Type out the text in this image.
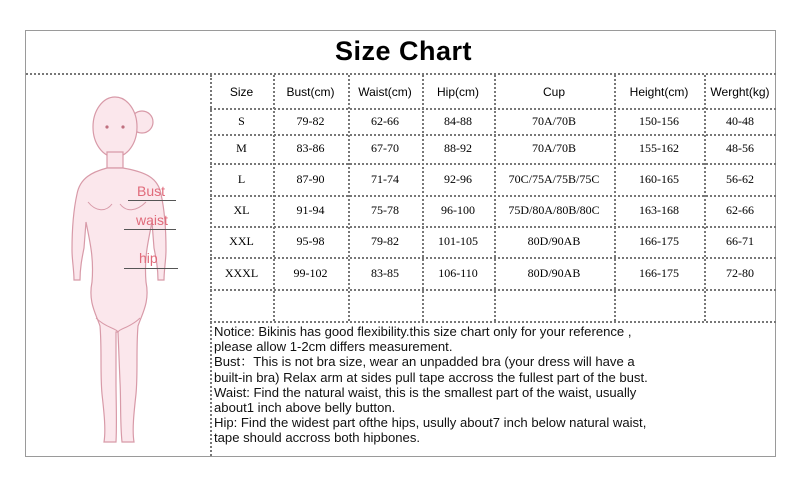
Size Chart
Bust
waist
hip
Size	Bust(cm)	Waist(cm)	Hip(cm)	Cup	Height(cm)	Werght(kg)
S	79-82	62-66	84-88	70A/70B	150-156	40-48
M	83-86	67-70	88-92	70A/70B	155-162	48-56
L	87-90	71-74	92-96	70C/75A/75B/75C	160-165	56-62
XL	91-94	75-78	96-100	75D/80A/80B/80C	163-168	62-66
XXL	95-98	79-82	101-105	80D/90AB	166-175	66-71
XXXL	99-102	83-85	106-110	80D/90AB	166-175	72-80
Notice: Bikinis has good flexibility.this size chart only for your reference ,
please allow 1-2cm differs measurement.
Bust：This is not bra size, wear an unpadded bra (your dress will have a
built-in bra) Relax arm at sides pull tape accross the fullest part of the bust.
Waist: Find the natural waist, this is the smallest part of the waist, usually
about1 inch above belly button.
Hip: Find the widest part ofthe hips, usully about7 inch below natural waist,
tape should accross both hipbones.
